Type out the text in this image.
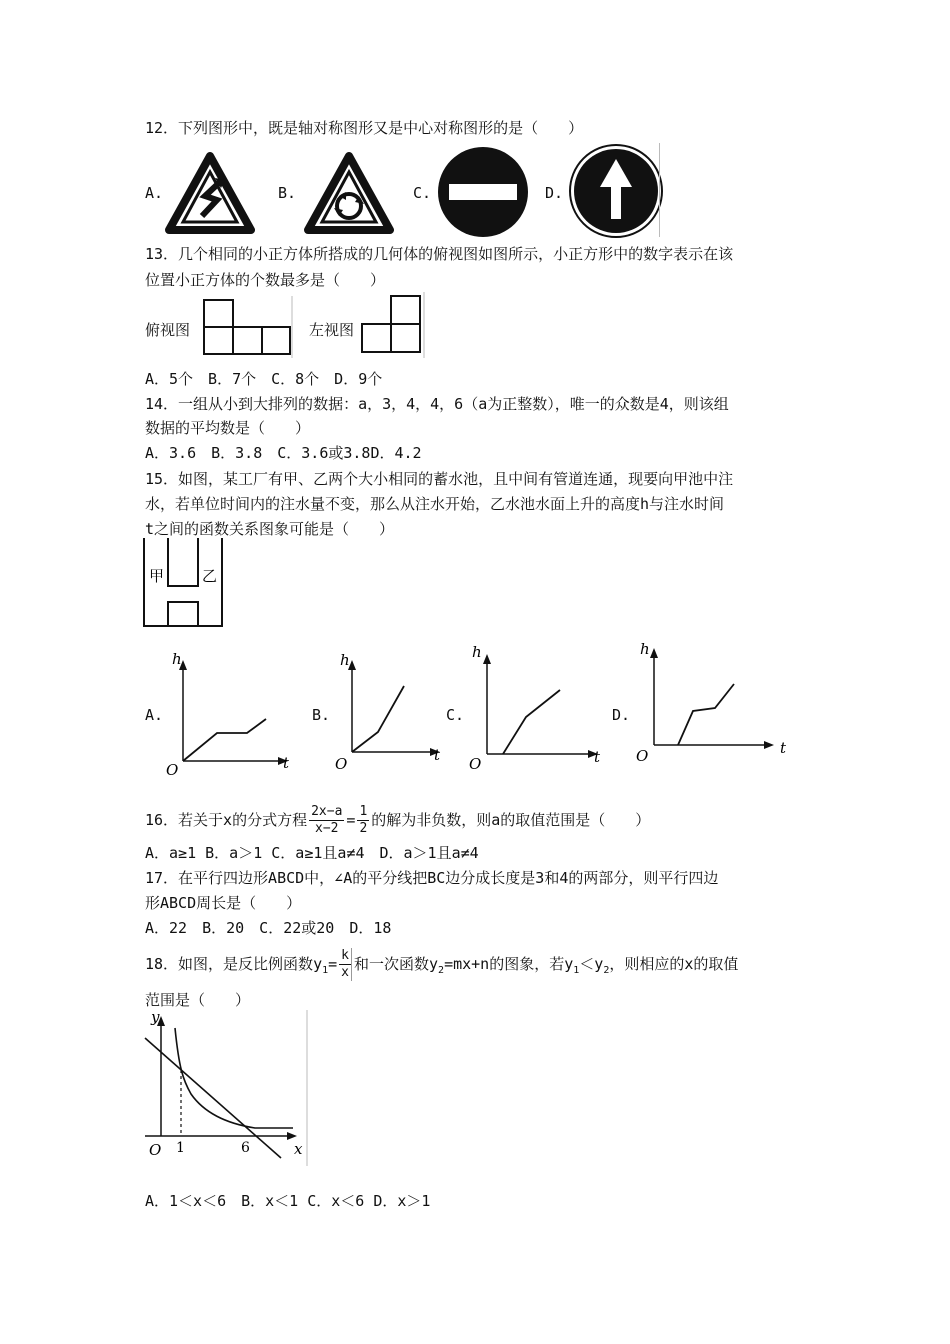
12．下列图形中，既是轴对称图形又是中心对称图形的是（　　）
A.	B.	C.	D.
13．几个相同的小正方体所搭成的几何体的俯视图如图所示，小正方形中的数字表示在该
位置小正方体的个数最多是（　　）
俯视图	左视图
A．5个　B．7个　C．8个　D．9个
14．一组从小到大排列的数据：a，3，4，4，6（a为正整数），唯一的众数是4，则该组
数据的平均数是（　　）
A．3.6　B．3.8　C．3.6或3.8D．4.2
15．如图，某工厂有甲、乙两个大小相同的蓄水池，且中间有管道连通，现要向甲池中注
水，若单位时间内的注水量不变，那么从注水开始，乙水池水面上升的高度h与注水时间
t之间的函数关系图象可能是（　　）
甲	乙
A.
h
t
O
B.
h
t
O
C.
h
t
O
D.
h
t
O
16．若关于x的分式方程 $\frac{2x-a}{x-2} = \frac{1}{2}$ 的解为非负数，则a的取值范围是（　　）
A．a≥1 B．a＞1 C．a≥1且a≠4　D．a＞1且a≠4
17．在平行四边形ABCD中，∠A的平分线把BC边分成长度是3和4的两部分，则平行四边
形ABCD周长是（　　）
A．22　B．20　C．22或20　D．18
18．如图，是反比例函数$y_1= \frac{k}{x}$ 和一次函数$y_2=mx+n$的图象，若$y_1<y_2$，则相应的x的取值
范围是（　　）
y
x
O 1	6
A．1＜x＜6　B．x＜1 C．x＜6 D．x＞1
